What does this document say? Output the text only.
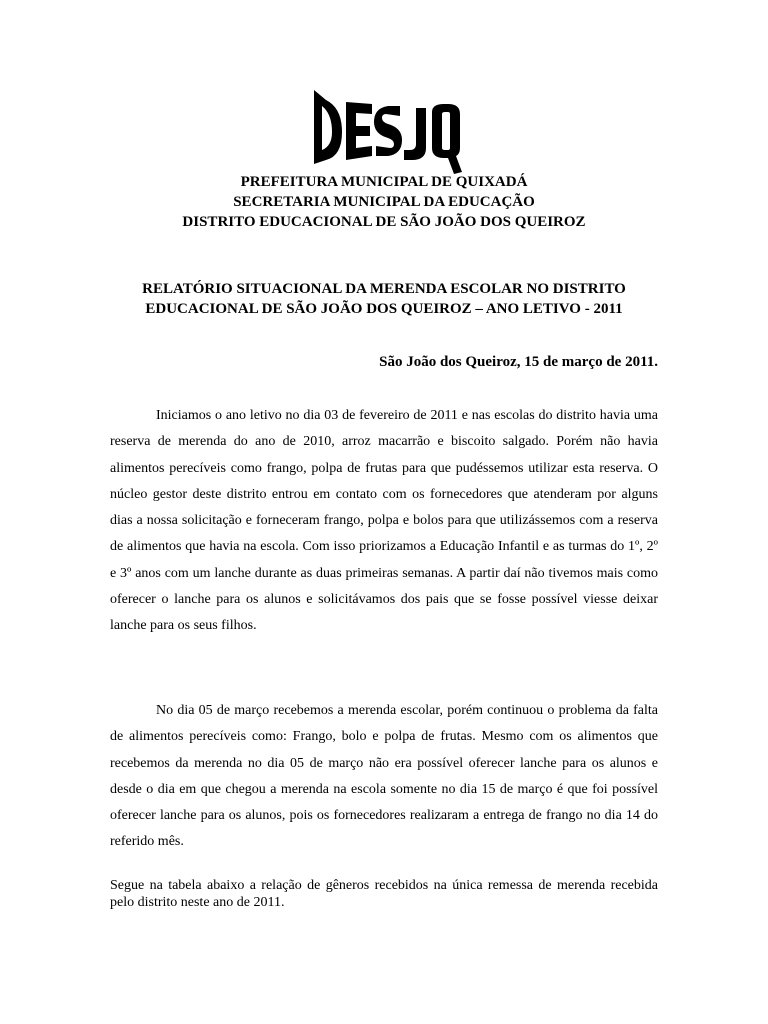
PREFEITURA MUNICIPAL DE QUIXADÁ
SECRETARIA MUNICIPAL DA EDUCAÇÃO
DISTRITO EDUCACIONAL DE SÃO JOÃO DOS QUEIROZ
RELATÓRIO SITUACIONAL DA MERENDA ESCOLAR NO DISTRITO
EDUCACIONAL DE SÃO JOÃO DOS QUEIROZ – ANO LETIVO - 2011
São João dos Queiroz, 15 de março de 2011.

Iniciamos o ano letivo no dia 03 de fevereiro de 2011 e nas escolas do distrito havia uma reserva de merenda do ano de 2010, arroz macarrão e biscoito salgado. Porém não havia alimentos perecíveis como frango, polpa de frutas para que pudéssemos utilizar esta reserva. O núcleo gestor deste distrito entrou em contato com os fornecedores que atenderam por alguns dias a nossa solicitação e forneceram frango, polpa e bolos para que utilizássemos com a reserva de alimentos que havia na escola. Com isso priorizamos a Educação Infantil e as turmas do 1º, 2º e 3º anos com um lanche durante as duas primeiras semanas. A partir daí não tivemos mais como oferecer o lanche para os alunos e solicitávamos dos pais que se fosse possível viesse deixar lanche para os seus filhos.

No dia 05 de março recebemos a merenda escolar, porém continuou o problema da falta de alimentos perecíveis como: Frango, bolo e polpa de frutas. Mesmo com os alimentos que recebemos da merenda no dia 05 de março não era possível oferecer lanche para os alunos e desde o dia em que chegou a merenda na escola somente no dia 15 de março é que foi possível oferecer lanche para os alunos, pois os fornecedores realizaram a entrega de frango no dia 14 do referido mês.

Segue na tabela abaixo a relação de gêneros recebidos na única remessa de merenda recebida pelo distrito neste ano de 2011.
